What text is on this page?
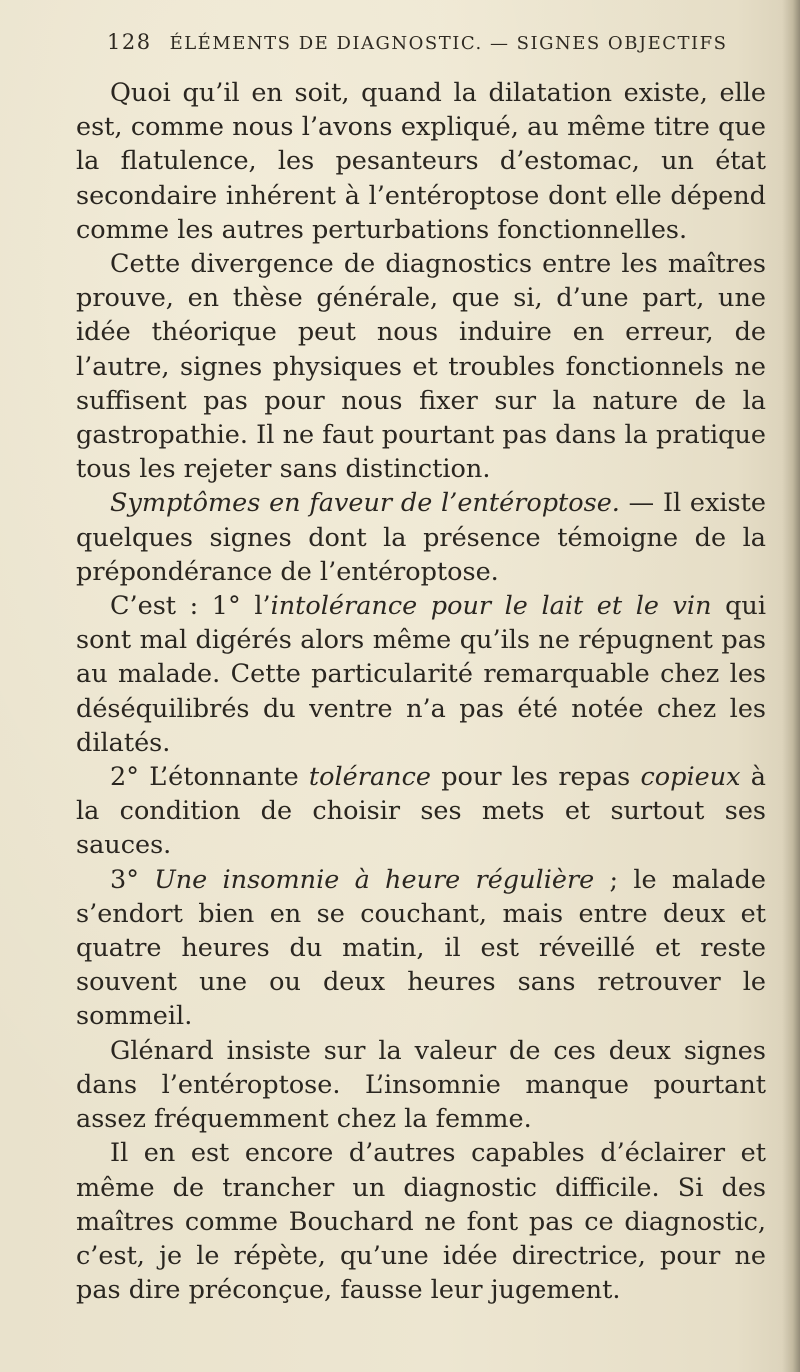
128 ÉLÉMENTS DE DIAGNOSTIC. — SIGNES OBJECTIFS

Quoi qu’il en soit, quand la dilatation existe, elle est, comme nous l’avons expliqué, au même titre que la flatulence, les pesanteurs d’estomac, un état secondaire inhérent à l’entéroptose dont elle dépend comme les autres perturbations fonctionnelles.

Cette divergence de diagnostics entre les maîtres prouve, en thèse générale, que si, d’une part, une idée théorique peut nous induire en erreur, de l’autre, signes physiques et troubles fonctionnels ne suffisent pas pour nous fixer sur la nature de la gastropathie. Il ne faut pourtant pas dans la pratique tous les rejeter sans distinction.

Symptômes en faveur de l’entéroptose. — Il existe quelques signes dont la présence témoigne de la prépondérance de l’entéroptose.

C’est : 1° l’intolérance pour le lait et le vin qui sont mal digérés alors même qu’ils ne répugnent pas au malade. Cette particularité remarquable chez les déséquilibrés du ventre n’a pas été notée chez les dilatés.

2° L’étonnante tolérance pour les repas copieux à la condition de choisir ses mets et surtout ses sauces.

3° Une insomnie à heure régulière ; le malade s’endort bien en se couchant, mais entre deux et quatre heures du matin, il est réveillé et reste souvent une ou deux heures sans retrouver le sommeil.

Glénard insiste sur la valeur de ces deux signes dans l’entéroptose. L’insomnie manque pourtant assez fréquemment chez la femme.

Il en est encore d’autres capables d’éclairer et même de trancher un diagnostic difficile. Si des maîtres comme Bouchard ne font pas ce diagnostic, c’est, je le répète, qu’une idée directrice, pour ne pas dire préconçue, fausse leur jugement.
